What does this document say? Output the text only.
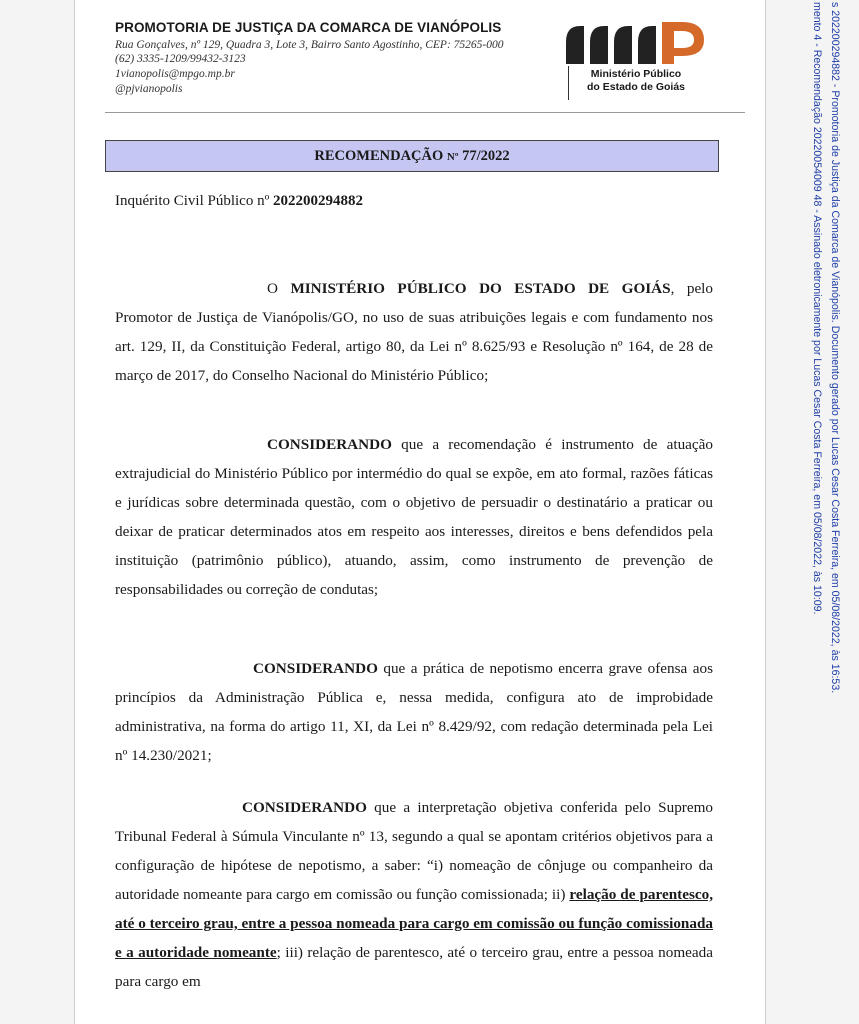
PROMOTORIA DE JUSTIÇA DA COMARCA DE VIANÓPOLIS
Rua Gonçalves, nº 129, Quadra 3, Lote 3, Bairro Santo Agostinho, CEP: 75265-000
(62) 3335-1209/99432-3123
1vianopolis@mpgo.mp.br
@pjvianopolis
Ministério Público
do Estado de Goiás
RECOMENDAÇÃO Nº 77/2022
Inquérito Civil Público nº 202200294882
O MINISTÉRIO PÚBLICO DO ESTADO DE GOIÁS, pelo Promotor de Justiça de Vianópolis/GO, no uso de suas atribuições legais e com fundamento nos art. 129, II, da Constituição Federal, artigo 80, da Lei nº 8.625/93 e Resolução nº 164, de 28 de março de 2017, do Conselho Nacional do Ministério Público;
CONSIDERANDO que a recomendação é instrumento de atuação extrajudicial do Ministério Público por intermédio do qual se expõe, em ato formal, razões fáticas e jurídicas sobre determinada questão, com o objetivo de persuadir o destinatário a praticar ou deixar de praticar determinados atos em respeito aos interesses, direitos e bens defendidos pela instituição (patrimônio público), atuando, assim, como instrumento de prevenção de responsabilidades ou correção de condutas;
CONSIDERANDO que a prática de nepotismo encerra grave ofensa aos princípios da Administração Pública e, nessa medida, configura ato de improbidade administrativa, na forma do artigo 11, XI, da Lei nº 8.429/92, com redação determinada pela Lei nº 14.230/2021;
CONSIDERANDO que a interpretação objetiva conferida pelo Supremo Tribunal Federal à Súmula Vinculante nº 13, segundo a qual se apontam critérios objetivos para a configuração de hipótese de nepotismo, a saber: “i) nomeação de cônjuge ou companheiro da autoridade nomeante para cargo em comissão ou função comissionada; ii) relação de parentesco, até o terceiro grau, entre a pessoa nomeada para cargo em comissão ou função comissionada e a autoridade nomeante; iii) relação de parentesco, até o terceiro grau, entre a pessoa nomeada para cargo em
s 202200294882 - Promotoria de Justiça da Comarca de Vianópolis. Documento gerado por Lucas Cesar Costa Ferreira, em 05/08/2022, às 16:53.
mento 4 - Recomendação 20220054009 48 - Assinado eletronicamente por Lucas Cesar Costa Ferreira, em 05/08/2022, às 10:09.
